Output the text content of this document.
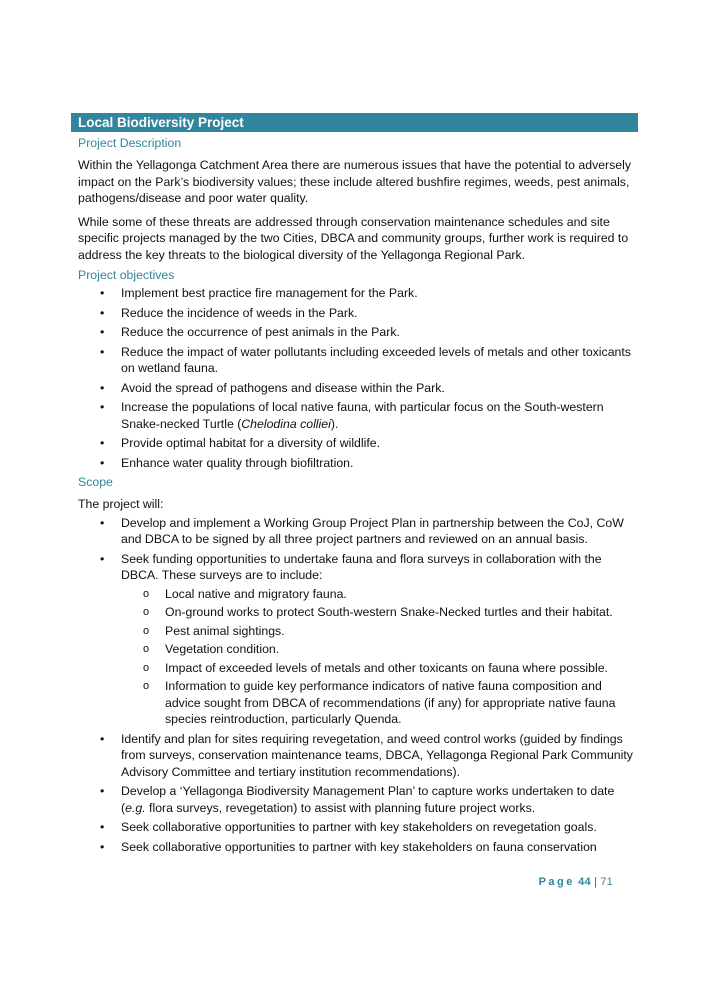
Local Biodiversity Project
Project Description

Within the Yellagonga Catchment Area there are numerous issues that have the potential to adversely impact on the Park’s biodiversity values; these include altered bushfire regimes, weeds, pest animals, pathogens/disease and poor water quality.

While some of these threats are addressed through conservation maintenance schedules and site specific projects managed by the two Cities, DBCA and community groups, further work is required to address the key threats to the biological diversity of the Yellagonga Regional Park.

Project objectives
• Implement best practice fire management for the Park.
• Reduce the incidence of weeds in the Park.
• Reduce the occurrence of pest animals in the Park.
• Reduce the impact of water pollutants including exceeded levels of metals and other toxicants on wetland fauna.
• Avoid the spread of pathogens and disease within the Park.
• Increase the populations of local native fauna, with particular focus on the South-western Snake-necked Turtle (Chelodina colliei).
• Provide optimal habitat for a diversity of wildlife.
• Enhance water quality through biofiltration.
Scope

The project will:

• Develop and implement a Working Group Project Plan in partnership between the CoJ, CoW and DBCA to be signed by all three project partners and reviewed on an annual basis.
• Seek funding opportunities to undertake fauna and flora surveys in collaboration with the DBCA. These surveys are to include:
o Local native and migratory fauna.
o On-ground works to protect South-western Snake-Necked turtles and their habitat.
o Pest animal sightings.
o Vegetation condition.
o Impact of exceeded levels of metals and other toxicants on fauna where possible.
o Information to guide key performance indicators of native fauna composition and advice sought from DBCA of recommendations (if any) for appropriate native fauna species reintroduction, particularly Quenda.
• Identify and plan for sites requiring revegetation, and weed control works (guided by findings from surveys, conservation maintenance teams, DBCA, Yellagonga Regional Park Community Advisory Committee and tertiary institution recommendations).
• Develop a ‘Yellagonga Biodiversity Management Plan’ to capture works undertaken to date (e.g. flora surveys, revegetation) to assist with planning future project works.
• Seek collaborative opportunities to partner with key stakeholders on revegetation goals.
• Seek collaborative opportunities to partner with key stakeholders on fauna conservation
Page 44 | 71
